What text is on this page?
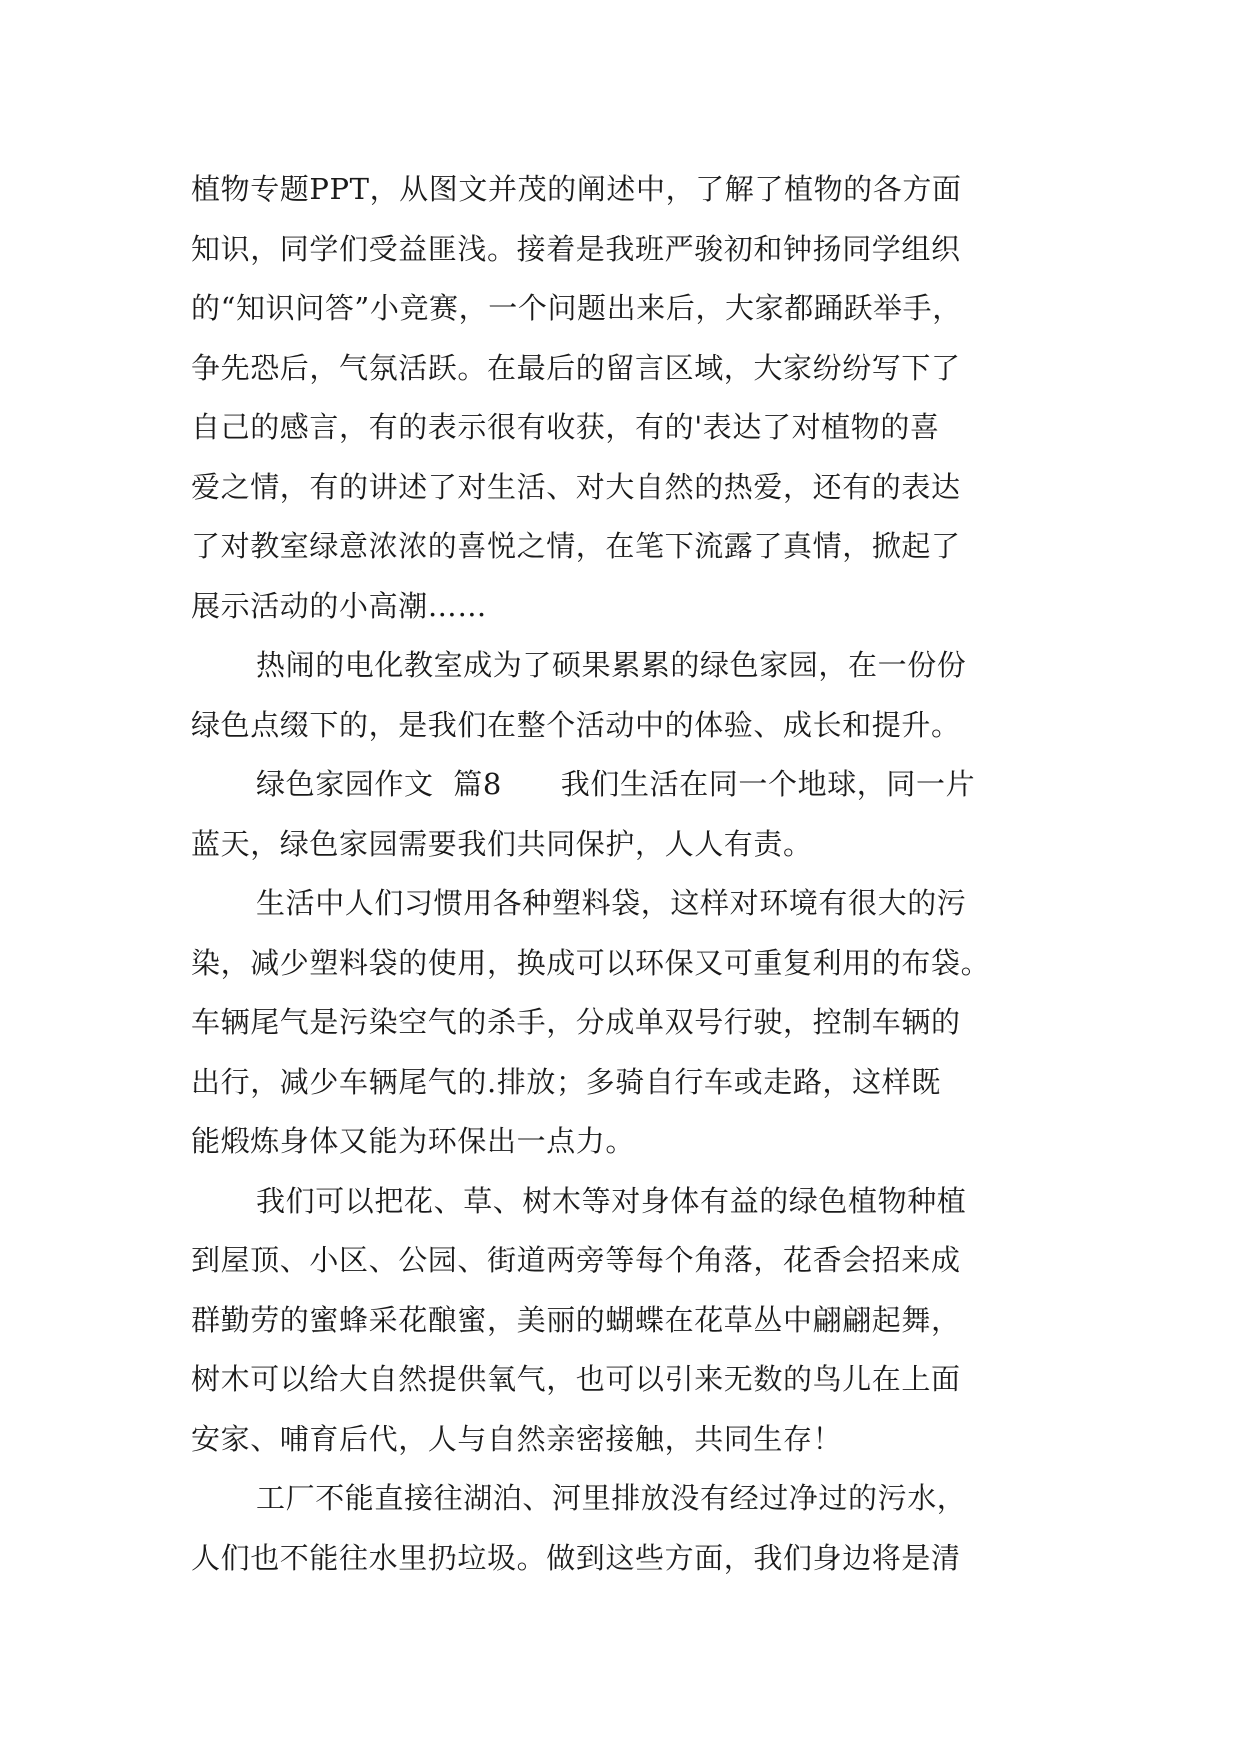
植物专题PPT，从图文并茂的阐述中，了解了植物的各方面
知识，同学们受益匪浅。接着是我班严骏初和钟扬同学组织
的“知识问答”小竞赛，一个问题出来后，大家都踊跃举手，
争先恐后，气氛活跃。在最后的留言区域，大家纷纷写下了
自己的感言，有的表示很有收获，有的'表达了对植物的喜
爱之情，有的讲述了对生活、对大自然的热爱，还有的表达
了对教室绿意浓浓的喜悦之情，在笔下流露了真情，掀起了
展示活动的小高潮……
热闹的电化教室成为了硕果累累的绿色家园，在一份份
绿色点缀下的，是我们在整个活动中的体验、成长和提升。
绿色家园作文  篇8      我们生活在同一个地球，同一片
蓝天，绿色家园需要我们共同保护，人人有责。
生活中人们习惯用各种塑料袋，这样对环境有很大的污
染，减少塑料袋的使用，换成可以环保又可重复利用的布袋。
车辆尾气是污染空气的杀手，分成单双号行驶，控制车辆的
出行，减少车辆尾气的.排放；多骑自行车或走路，这样既
能煅炼身体又能为环保出一点力。
我们可以把花、草、树木等对身体有益的绿色植物种植
到屋顶、小区、公园、街道两旁等每个角落，花香会招来成
群勤劳的蜜蜂采花酿蜜，美丽的蝴蝶在花草丛中翩翩起舞，
树木可以给大自然提供氧气，也可以引来无数的鸟儿在上面
安家、哺育后代，人与自然亲密接触，共同生存！
工厂不能直接往湖泊、河里排放没有经过净过的污水，
人们也不能往水里扔垃圾。做到这些方面，我们身边将是清
